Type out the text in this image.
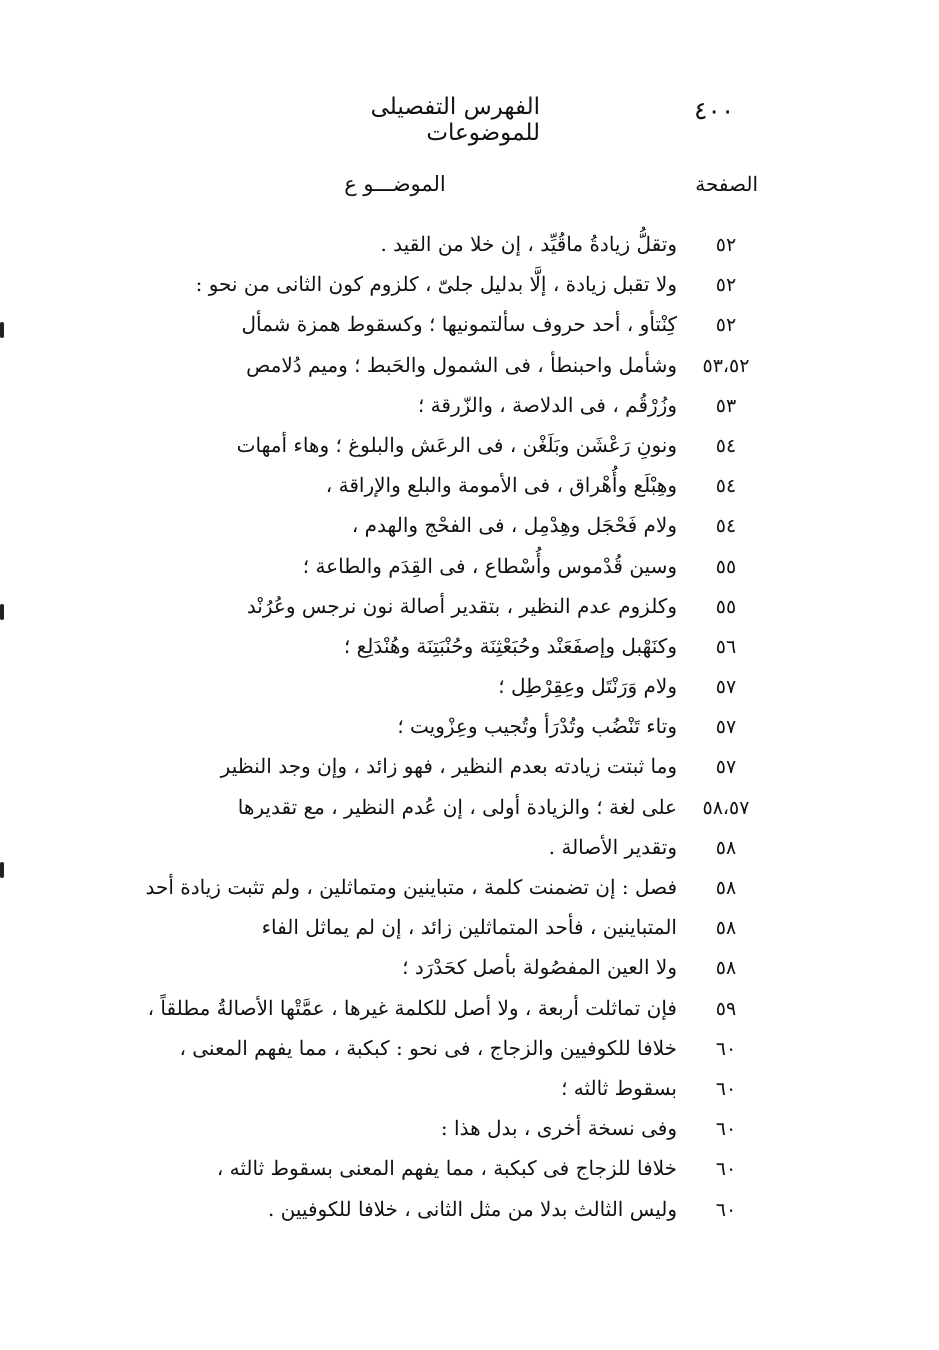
٤٠٠
الفهرس التفصيلى للموضوعات
الصفحة
الموضـــو ع
٥٢
وتقلُّ زيادةُ ماقُيِّد ، إن خلا من القيد .
٥٢
ولا تقبل زيادة ، إلَّا بدليل جلىّ ، كلزوم كون الثانى من نحو :
٥٢
كِنْتأو ، أحد حروف سألتمونيها ؛ وكسقوط همزة شمأل
٥٣،٥٢
وشأمل واحبنطأ ، فى الشمول والحَبط ؛ وميم دُلامص
٥٣
وزُرْقُم ، فى الدلاصة ، والزّرقة ؛
٥٤
ونونِ رَعْشَن وبَلَغْن ، فى الرعَش والبلوغ ؛ وهاء أمهات
٥٤
وهِبْلَع وأُهْراق ، فى الأمومة والبلع والإراقة ،
٥٤
ولام فَحْجَل وهِدْمِل ، فى الفحْج والهدم ،
٥٥
وسين قُدْموس وأُسْطاع ، فى القِدَم والطاعة ؛
٥٥
وكلزوم عدم النظير ، بتقدير أصالة نون نرجس وعُرُنْد
٥٦
وكنَهْبل وإصفَعَنْد وحُبَعْثِنَة وحُنْبَتِنَة وهُنْدَلِع ؛
٥٧
ولام وَرَنْتَل وعِقِرْطِل ؛
٥٧
وتاء تَنْضُب وتُدْرَأ وتُجيب وعِزْويت ؛
٥٧
وما ثبتت زيادته بعدم النظير ، فهو زائد ، وإن وجد النظير
٥٨،٥٧
على لغة ؛ والزيادة أولى ، إن عُدم النظير ، مع تقديرها
٥٨
وتقدير الأصالة .
٥٨
فصل : إن تضمنت كلمة ، متباينين ومتماثلين ، ولم تثبت زيادة أحد
٥٨
المتباينين ، فأحد المتماثلين زائد ، إن لم يماثل الفاء
٥٨
ولا العين المفصُولة بأصل كحَدْرَد ؛
٥٩
فإن تماثلت أربعة ، ولا أصل للكلمة غيرها ، عمَّتْها الأصالةُ مطلقاً ،
٦٠
خلافا للكوفيين والزجاج ، فى نحو : كبكبة ، مما يفهم المعنى ،
٦٠
بسقوط ثالثه ؛
٦٠
وفى نسخة أخرى ، بدل هذا :
٦٠
خلافا للزجاج فى كبكبة ، مما يفهم المعنى بسقوط ثالثه ،
٦٠
وليس الثالث بدلا من مثل الثانى ، خلافا للكوفيين .
